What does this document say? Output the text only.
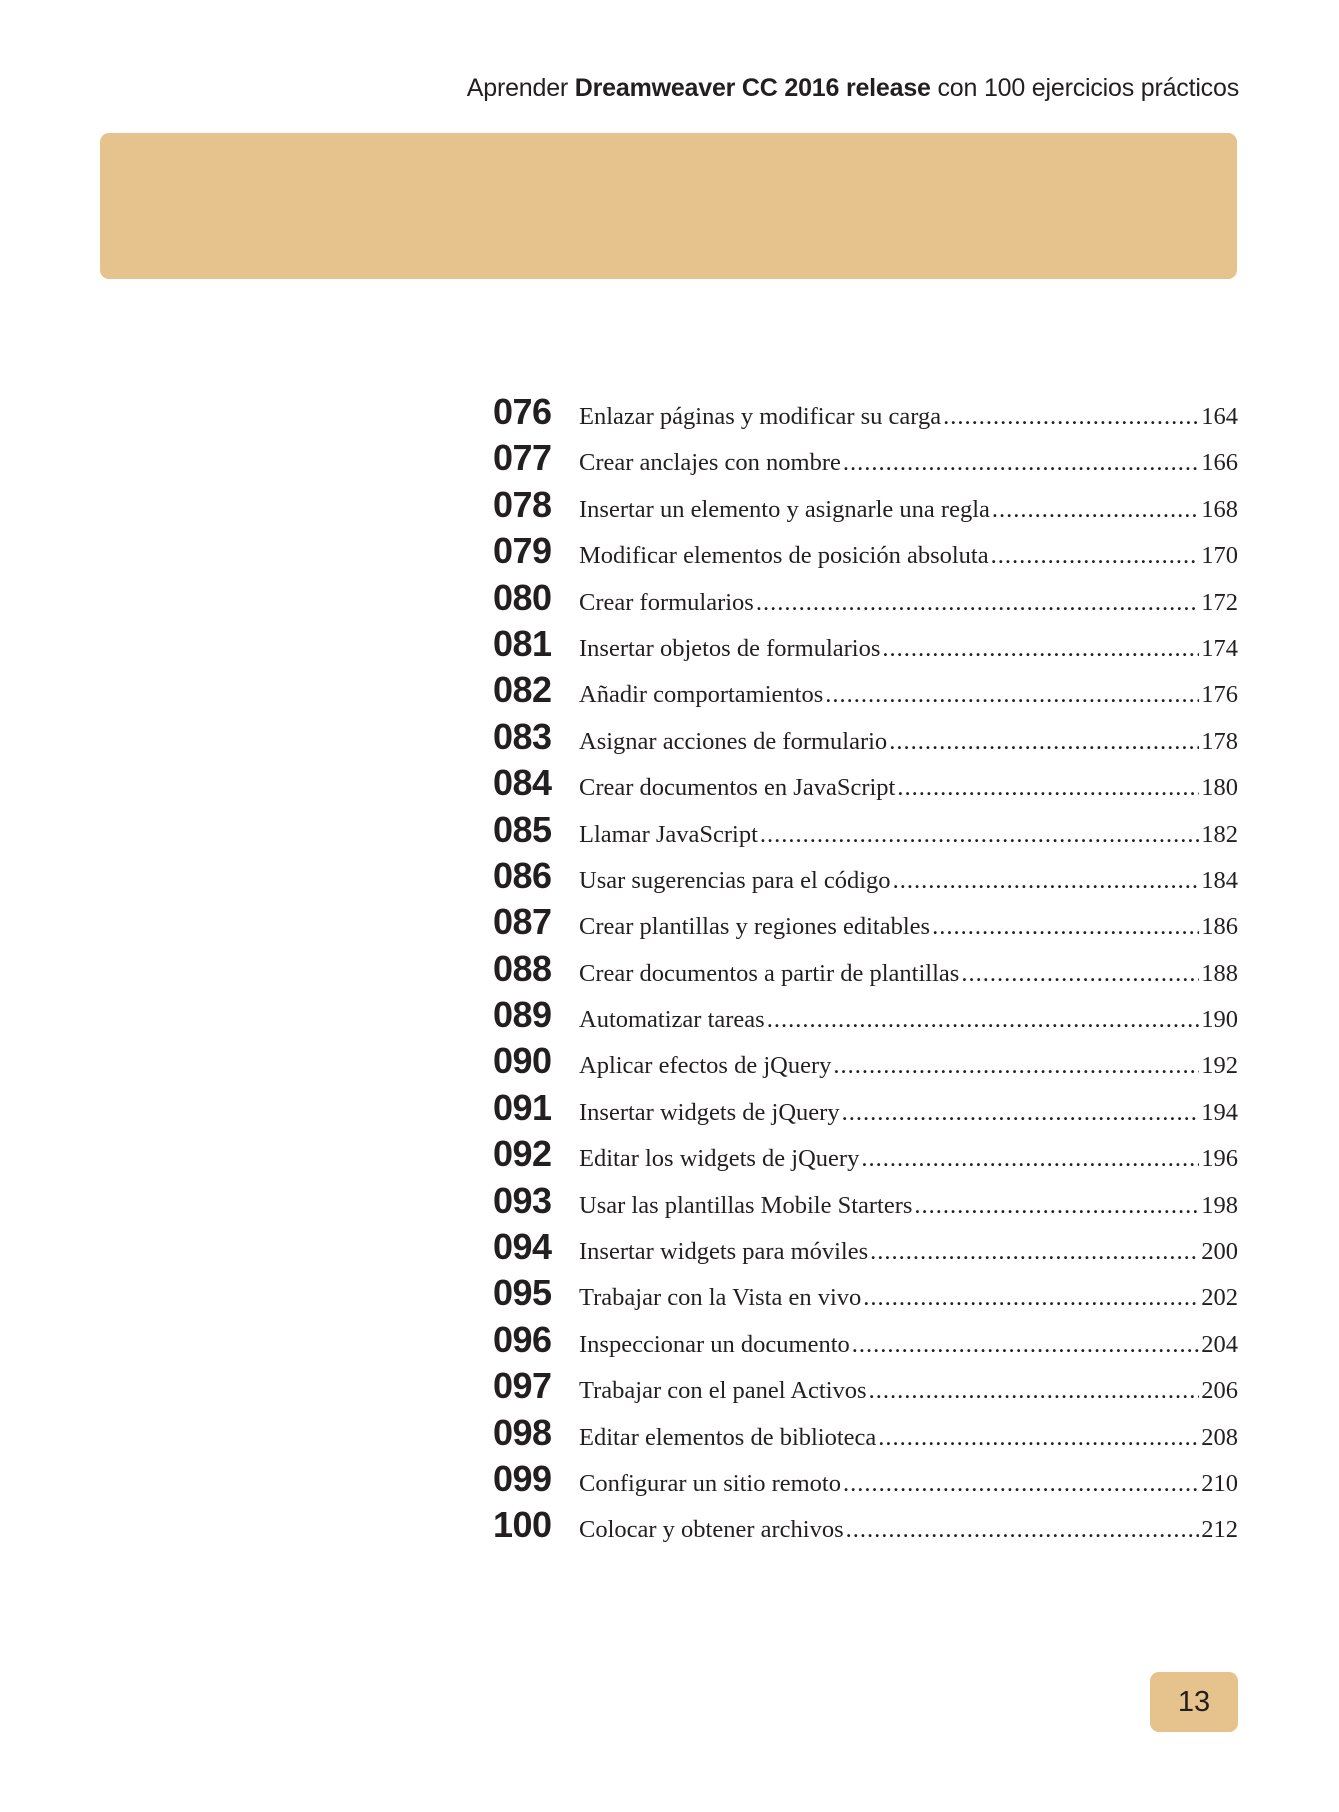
Aprender Dreamweaver CC 2016 release con 100 ejercicios prácticos
076	Enlazar páginas y modificar su carga .....	164
077	Crear anclajes con nombre .....	166
078	Insertar un elemento y asignarle una regla .....	168
079	Modificar elementos de posición absoluta .....	170
080	Crear formularios .....	172
081	Insertar objetos de formularios .....	174
082	Añadir comportamientos .....	176
083	Asignar acciones de formulario .....	178
084	Crear documentos en JavaScript .....	180
085	Llamar JavaScript .....	182
086	Usar sugerencias para el código .....	184
087	Crear plantillas y regiones editables .....	186
088	Crear documentos a partir de plantillas .....	188
089	Automatizar tareas .....	190
090	Aplicar efectos de jQuery .....	192
091	Insertar widgets de jQuery .....	194
092	Editar los widgets de jQuery .....	196
093	Usar las plantillas Mobile Starters .....	198
094	Insertar widgets para móviles .....	200
095	Trabajar con la Vista en vivo .....	202
096	Inspeccionar un documento .....	204
097	Trabajar con el panel Activos .....	206
098	Editar elementos de biblioteca .....	208
099	Configurar un sitio remoto .....	210
100	Colocar y obtener archivos .....	212
13
